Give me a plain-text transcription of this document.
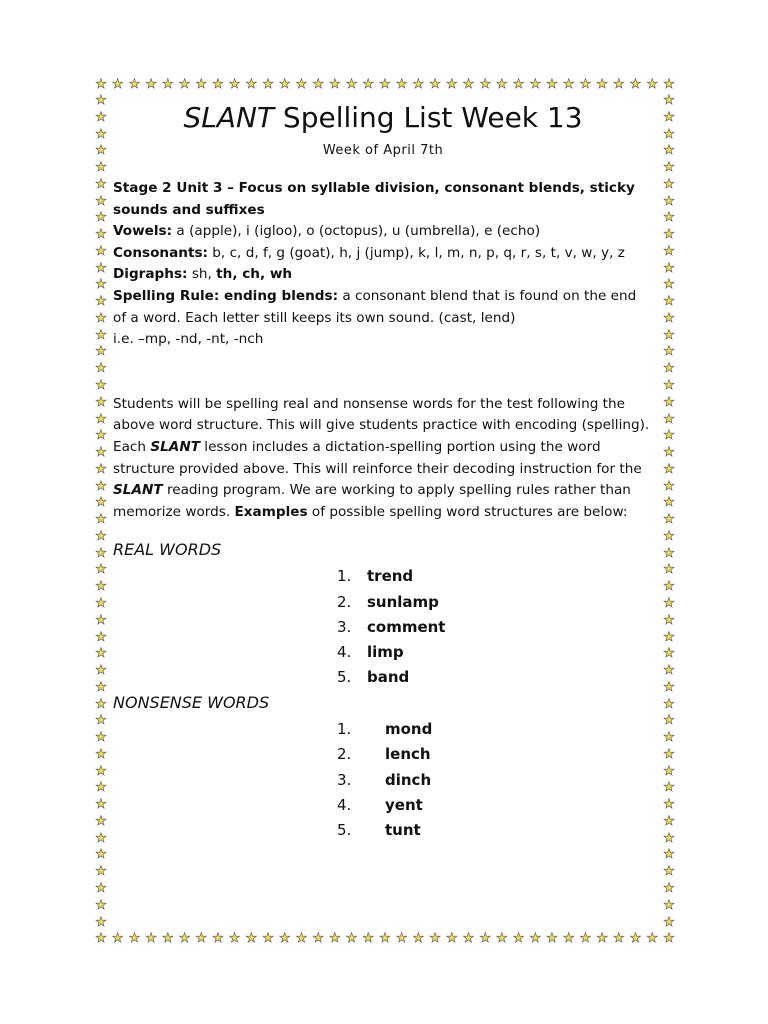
★ ★ ★ ★ ★ ★ ★ ★ ★ ★ ★ ★ ★ ★ ★ ★ ★ ★ ★ ★ ★ ★ ★ ★ ★ ★ ★ ★ ★ ★ ★ ★ ★ ★ ★
★ ★ ★ ★ ★ ★ ★ ★ ★ ★ ★ ★ ★ ★ ★ ★ ★ ★ ★ ★ ★ ★ ★ ★ ★ ★ ★ ★ ★ ★ ★ ★ ★ ★ ★
★
★
★
★
★
★
★
★
★
★
★
★
★
★
★
★
★
★
★
★
★
★
★
★
★
★
★
★
★
★
★
★
★
★
★
★
★
★
★
★
★
★
★
★
★
★
★
★
★
★
★
★
★
★
★
★
★
★
★
★
★
★
★
★
★
★
★
★
★
★
★
★
★
★
★
★
★
★
★
★
★
★
★
★
★
★
★
★
★
★
★
★
★
★
★
★
★
★
★
★
SLANT Spelling List Week 13
Week of April 7th

Stage 2 Unit 3 – Focus on syllable division, consonant blends, sticky sounds and suffixes

Vowels: a (apple), i (igloo), o (octopus), u (umbrella), e (echo)

Consonants: b, c, d, f, g (goat), h, j (jump), k, l, m, n, p, q, r, s, t, v, w, y, z

Digraphs: sh, th, ch, wh

Spelling Rule: ending blends: a consonant blend that is found on the end of a word. Each letter still keeps its own sound. (cast, lend)

i.e. –mp, -nd, -nt, -nch

Students will be spelling real and nonsense words for the test following the above word structure. This will give students practice with encoding (spelling). Each SLANT lesson includes a dictation-spelling portion using the word structure provided above. This will reinforce their decoding instruction for the SLANT reading program. We are working to apply spelling rules rather than memorize words. Examples of possible spelling word structures are below:

REAL WORDS
1. trend
2. sunlamp
3. comment
4. limp
5. band
NONSENSE WORDS
1. mond
2. lench
3. dinch
4. yent
5. tunt
